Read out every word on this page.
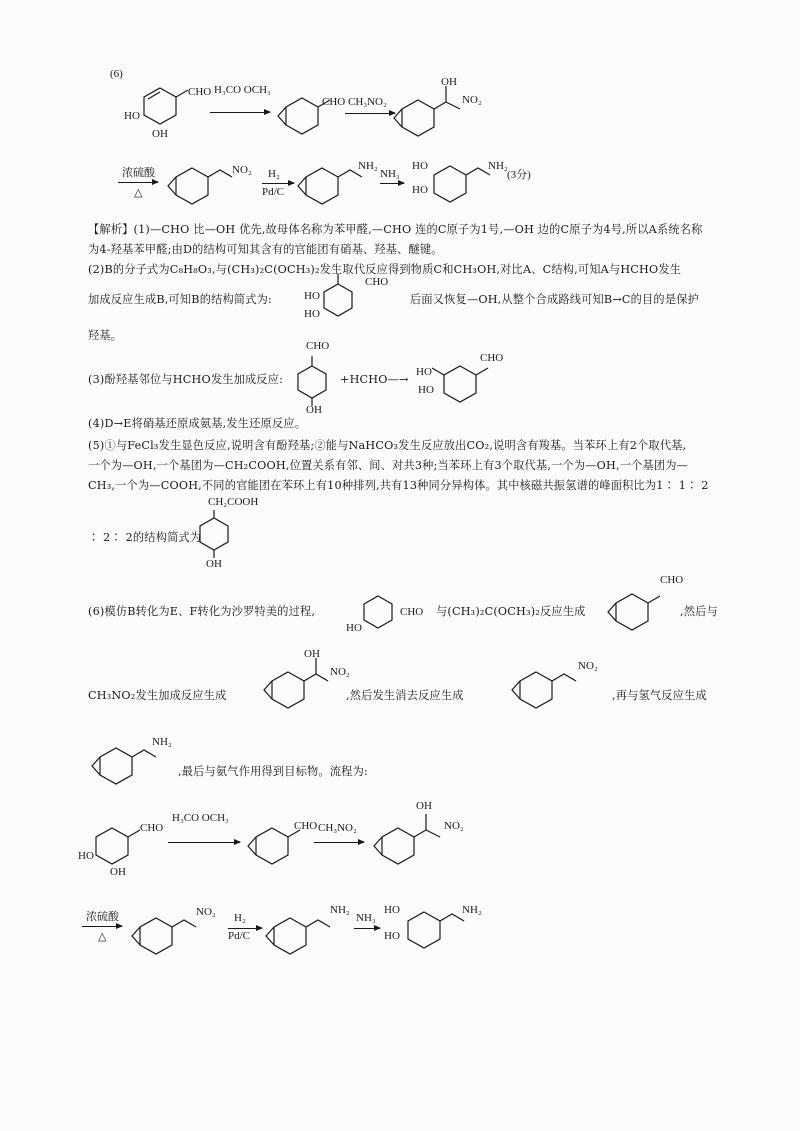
(6)
CHO
HO
OH
H₃CO OCH₃
CHO CH₃NO₂
OH
NO₂
浓硫酸
△
NO₂ H₂
Pd/C
NH₂
NH₃
HO
HO
NH₂
(3分)
【解析】(1)—CHO 比—OH 优先,故母体名称为苯甲醛,—CHO 连的C原子为1号,—OH 边的C原子为4号,所以A系统名称
为4-羟基苯甲醛;由D的结构可知其含有的官能团有硝基、羟基、醚键。
(2)B的分子式为C₈H₈O₃,与(CH₃)₂C(OCH₃)₂发生取代反应得到物质C和CH₃OH,对比A、C结构,可知A与HCHO发生
加成反应生成B,可知B的结构简式为:
CHO
HO
HO
后面又恢复—OH,从整个合成路线可知B→C的目的是保护
羟基。
(3)酚羟基邻位与HCHO发生加成反应:
CHO
OH
+HCHO—→
CHO
HO
HO
(4)D→E将硝基还原成氨基,发生还原反应。
(5)①与FeCl₃发生显色反应,说明含有酚羟基;②能与NaHCO₃发生反应放出CO₂,说明含有羧基。当苯环上有2个取代基,
一个为—OH,一个基团为—CH₂COOH,位置关系有邻、间、对共3种;当苯环上有3个取代基,一个为—OH,一个基团为—
CH₃,一个为—COOH,不同的官能团在苯环上有10种排列,共有13种同分异构体。其中核磁共振氢谱的峰面积比为1∶ 1∶ 2
CH₂COOH
∶ 2∶ 2的结构简式为
OH
(6)模仿B转化为E、F转化为沙罗特美的过程,	CHO
HO
与(CH₃)₂C(OCH₃)₂反应生成
CHO
,然后与
CH₃NO₂发生加成反应生成
OH
NO₂
,然后发生消去反应生成
NO₂
,再与氢气反应生成
NH₂
,最后与氨气作用得到目标物。流程为:
CHO
HO
OH
H₃CO OCH₃
CHO CH₃NO₂
OH
NO₂
浓硫酸
△
NO₂ H₂
Pd/C
NH₂
NH₃
HO
HO
NH₂
